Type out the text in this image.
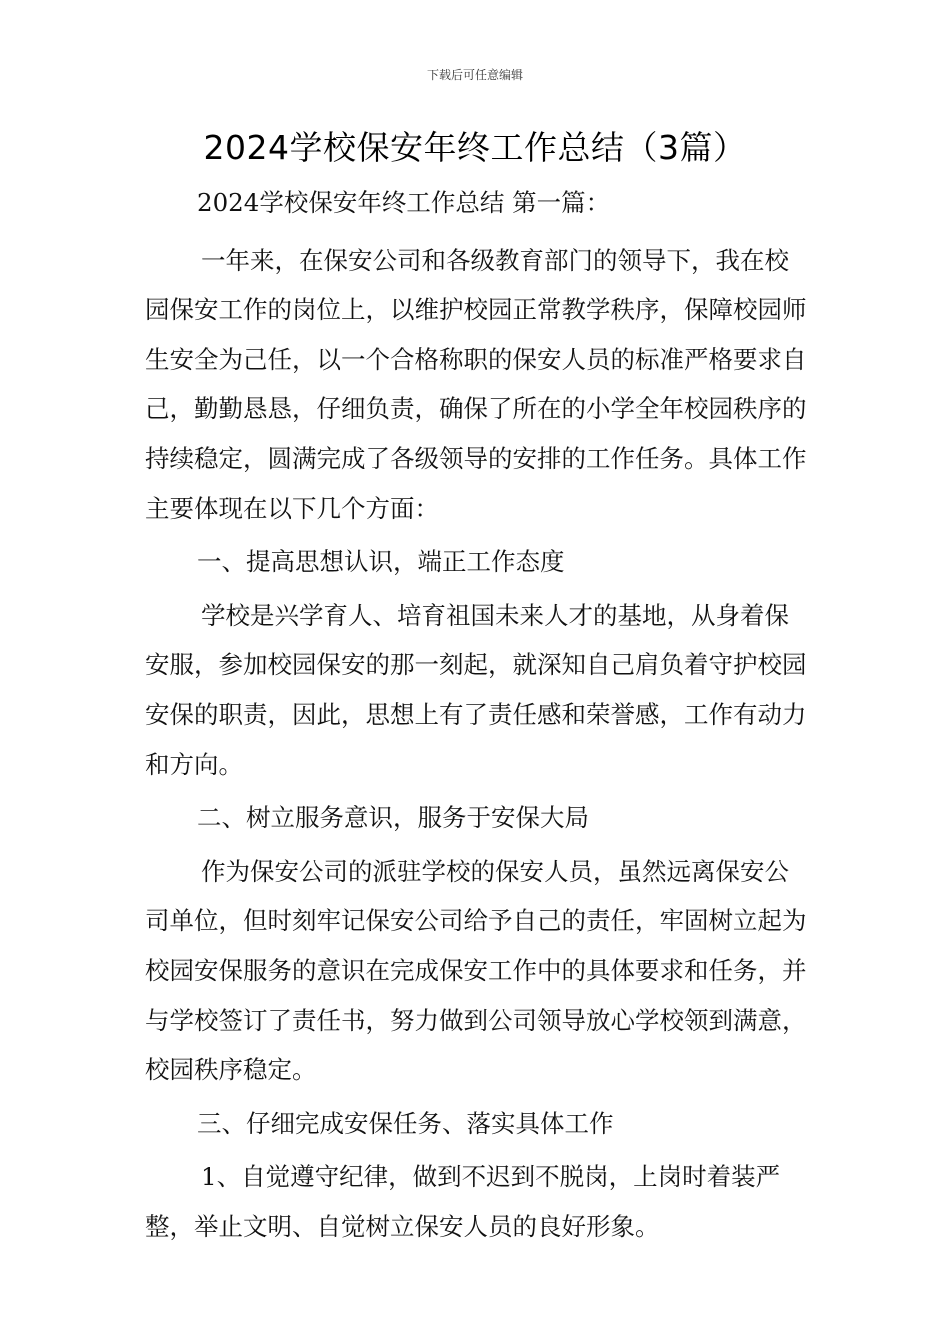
下载后可任意编辑
2024学校保安年终工作总结（3篇）

2024学校保安年终工作总结 第一篇：

一年来，在保安公司和各级教育部门的领导下，我在校园保安工作的岗位上，以维护校园正常教学秩序，保障校园师生安全为己任，以一个合格称职的保安人员的标准严格要求自己，勤勤恳恳，仔细负责，确保了所在的小学全年校园秩序的持续稳定，圆满完成了各级领导的安排的工作任务。具体工作主要体现在以下几个方面：

一、提高思想认识，端正工作态度

学校是兴学育人、培育祖国未来人才的基地，从身着保安服，参加校园保安的那一刻起，就深知自己肩负着守护校园安保的职责，因此，思想上有了责任感和荣誉感，工作有动力和方向。

二、树立服务意识，服务于安保大局

作为保安公司的派驻学校的保安人员，虽然远离保安公司单位，但时刻牢记保安公司给予自己的责任，牢固树立起为校园安保服务的意识在完成保安工作中的具体要求和任务，并与学校签订了责任书，努力做到公司领导放心学校领到满意，校园秩序稳定。

三、仔细完成安保任务、落实具体工作

1、自觉遵守纪律，做到不迟到不脱岗，上岗时着装严整，举止文明、自觉树立保安人员的良好形象。
